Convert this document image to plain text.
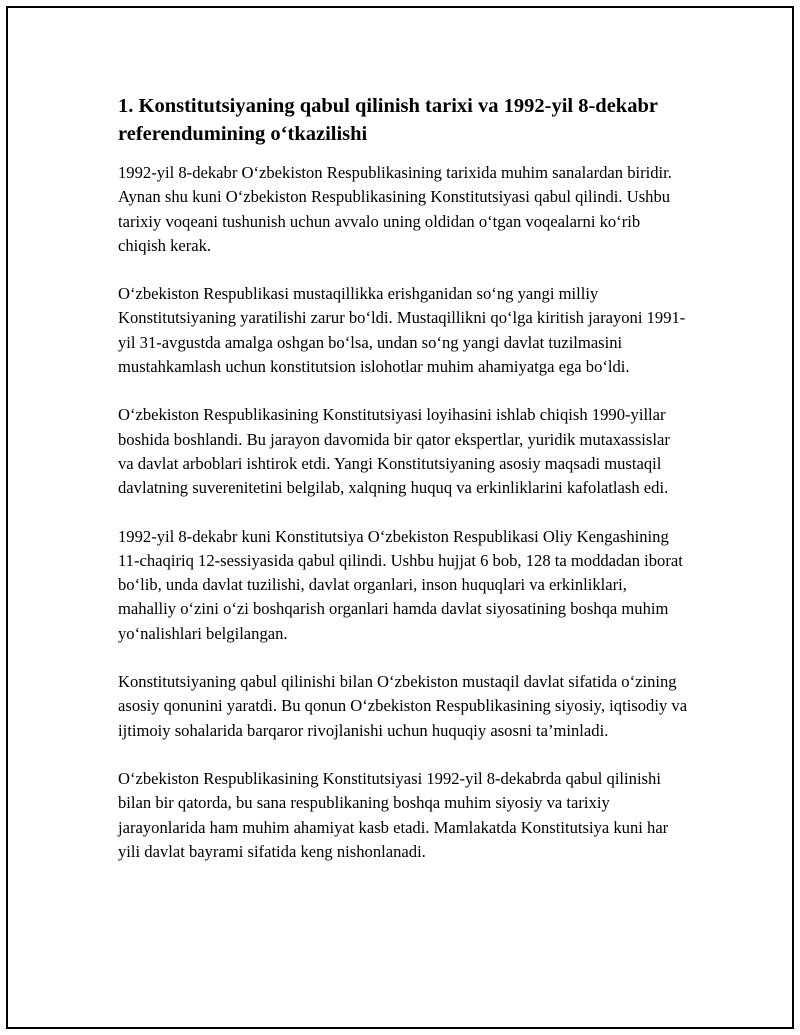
1. Konstitutsiyaning qabul qilinish tarixi va 1992-yil 8-dekabr referendumining o‘tkazilishi

1992-yil 8-dekabr O‘zbekiston Respublikasining tarixida muhim sanalardan biridir. Aynan shu kuni O‘zbekiston Respublikasining Konstitutsiyasi qabul qilindi. Ushbu tarixiy voqeani tushunish uchun avvalo uning oldidan o‘tgan voqealarni ko‘rib chiqish kerak.

O‘zbekiston Respublikasi mustaqillikka erishganidan so‘ng yangi milliy Konstitutsiyaning yaratilishi zarur bo‘ldi. Mustaqillikni qo‘lga kiritish jarayoni 1991-yil 31-avgustda amalga oshgan bo‘lsa, undan so‘ng yangi davlat tuzilmasini mustahkamlash uchun konstitutsion islohotlar muhim ahamiyatga ega bo‘ldi.

O‘zbekiston Respublikasining Konstitutsiyasi loyihasini ishlab chiqish 1990-yillar boshida boshlandi. Bu jarayon davomida bir qator ekspertlar, yuridik mutaxassislar va davlat arboblari ishtirok etdi. Yangi Konstitutsiyaning asosiy maqsadi mustaqil davlatning suverenitetini belgilab, xalqning huquq va erkinliklarini kafolatlash edi.

1992-yil 8-dekabr kuni Konstitutsiya O‘zbekiston Respublikasi Oliy Kengashining 11-chaqiriq 12-sessiyasida qabul qilindi. Ushbu hujjat 6 bob, 128 ta moddadan iborat bo‘lib, unda davlat tuzilishi, davlat organlari, inson huquqlari va erkinliklari, mahalliy o‘zini o‘zi boshqarish organlari hamda davlat siyosatining boshqa muhim yo‘nalishlari belgilangan.

Konstitutsiyaning qabul qilinishi bilan O‘zbekiston mustaqil davlat sifatida o‘zining asosiy qonunini yaratdi. Bu qonun O‘zbekiston Respublikasining siyosiy, iqtisodiy va ijtimoiy sohalarida barqaror rivojlanishi uchun huquqiy asosni ta’minladi.

O‘zbekiston Respublikasining Konstitutsiyasi 1992-yil 8-dekabrda qabul qilinishi bilan bir qatorda, bu sana respublikaning boshqa muhim siyosiy va tarixiy jarayonlarida ham muhim ahamiyat kasb etadi. Mamlakatda Konstitutsiya kuni har yili davlat bayrami sifatida keng nishonlanadi.
